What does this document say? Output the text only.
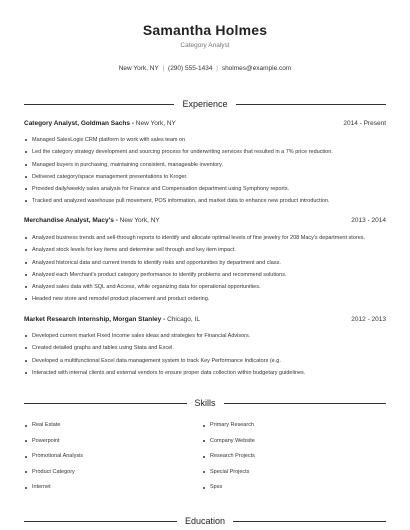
Samantha Holmes
Category Analyst
New York, NY | (290) 555-1434 | sholmes@example.com
Experience
Category Analyst, Goldman Sachs - New York, NY	2014 - Present
Managed SalesLogix CRM platform to work with sales team on
Led the category strategy development and sourcing process for underwriting services that resulted in a 7% price reduction.
Managed buyers in purchasing, maintaining consistent, manageable inventory.
Delivered category/space management presentations to Kroger.
Provided daily/weekly sales analysis for Finance and Compensation department using Symphony reports.
Tracked and analyzed warehouse pull movement, POS information, and market data to enhance new product introduction.
Merchandise Analyst, Macy's - New York, NY	2013 - 2014
Analyzed business trends and sell-through reports to identify and allocate optimal levels of fine jewelry for 208 Macy's department stores.
Analyzed stock levels for key items and determine sell through and key item impact.
Analyzed historical data and current trends to identify risks and opportunities by department and class.
Analyzed each Merchant's product category performance to identify problems and recommend solutions.
Analyzed sales data with SQL and Access, while organizing data for operational opportunities.
Headed new store and remodel product placement and product ordering.
Market Research Internship, Morgan Stanley - Chicago, IL	2012 - 2013
Developed current market Fixed Income sales ideas and strategies for Financial Advisors.
Created detailed graphs and tables using Stata and Excel.
Developed a multifunctional Excel data management system to track Key Performance Indicators (e.g.
Interacted with internal clients and external vendors to ensure proper data collection within budgetary guidelines.
Skills
Real Estate
Powerpoint
Promotional Analysis
Product Category
Internet
Primary Research
Company Website
Research Projects
Special Projects
Spss
Education
